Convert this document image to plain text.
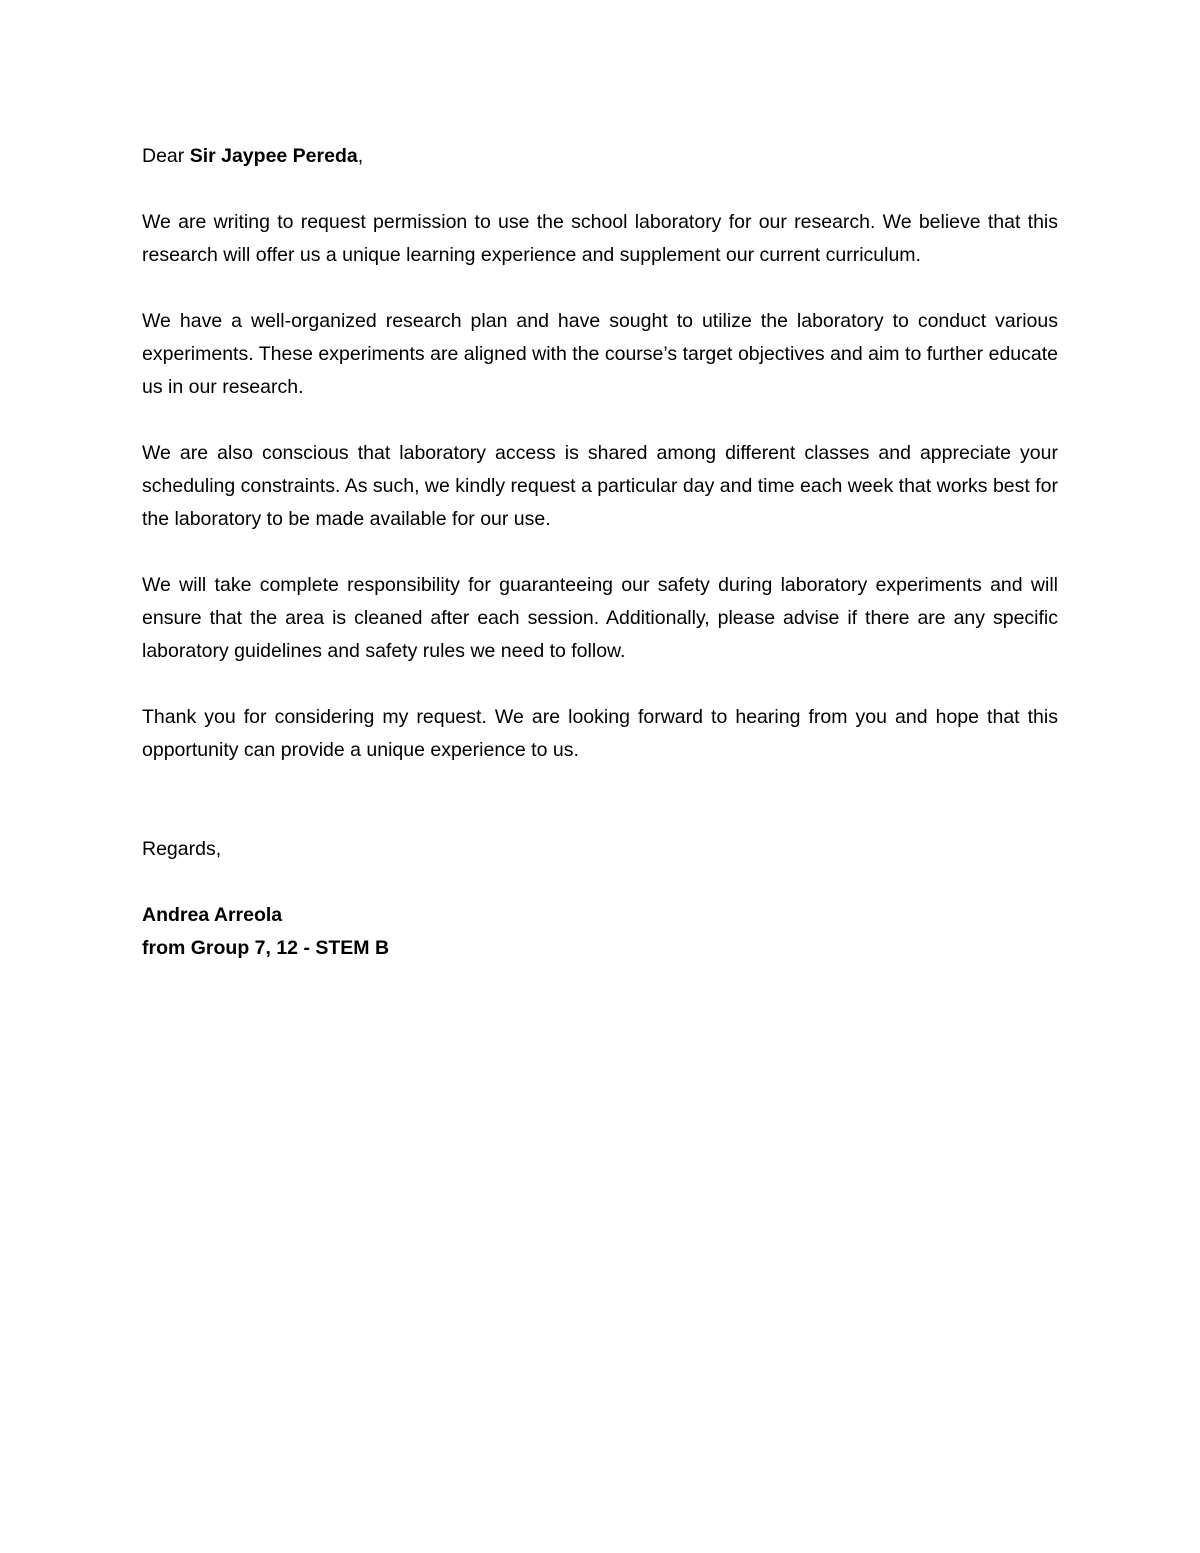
Dear Sir Jaypee Pereda,

We are writing to request permission to use the school laboratory for our research. We believe that this research will offer us a unique learning experience and supplement our current curriculum.

We have a well-organized research plan and have sought to utilize the laboratory to conduct various experiments. These experiments are aligned with the course’s target objectives and aim to further educate us in our research.

We are also conscious that laboratory access is shared among different classes and appreciate your scheduling constraints. As such, we kindly request a particular day and time each week that works best for the laboratory to be made available for our use.

We will take complete responsibility for guaranteeing our safety during laboratory experiments and will ensure that the area is cleaned after each session. Additionally, please advise if there are any specific laboratory guidelines and safety rules we need to follow.

Thank you for considering my request. We are looking forward to hearing from you and hope that this opportunity can provide a unique experience to us.

Regards,

Andrea Arreola

from Group 7, 12 - STEM B
